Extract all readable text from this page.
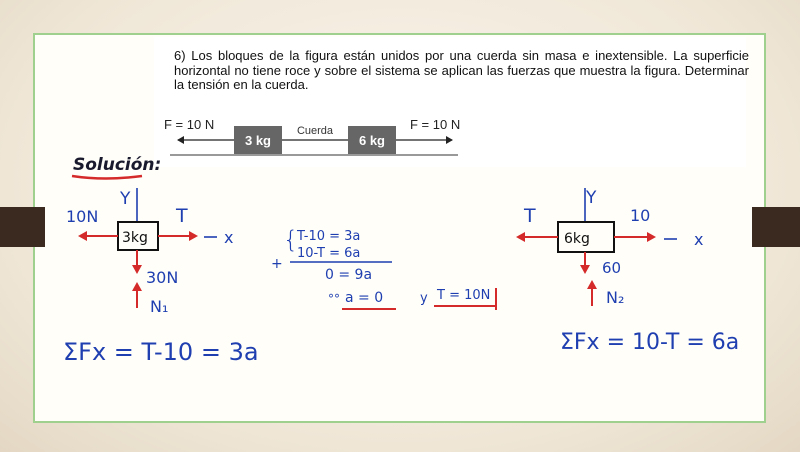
6) Los bloques de la figura están unidos por una cuerda sin masa e inextensible. La superficie horizontal no tiene roce y sobre el sistema se aplican las fuerzas que muestra la figura. Determinar la tensión en la cuerda.

3 kg	6 kg
Cuerda
F = 10 N	F = 10 N
Solución:
Y
10N	T
3kg	x
30N
N₁
ΣFx = T-10 = 3a
{
T-10 = 3a
10-T = 6a
+
0 = 9a
°° a = 0	y T = 10N
Y
T	10
6kg	x
60
N₂
ΣFx = 10-T = 6a
